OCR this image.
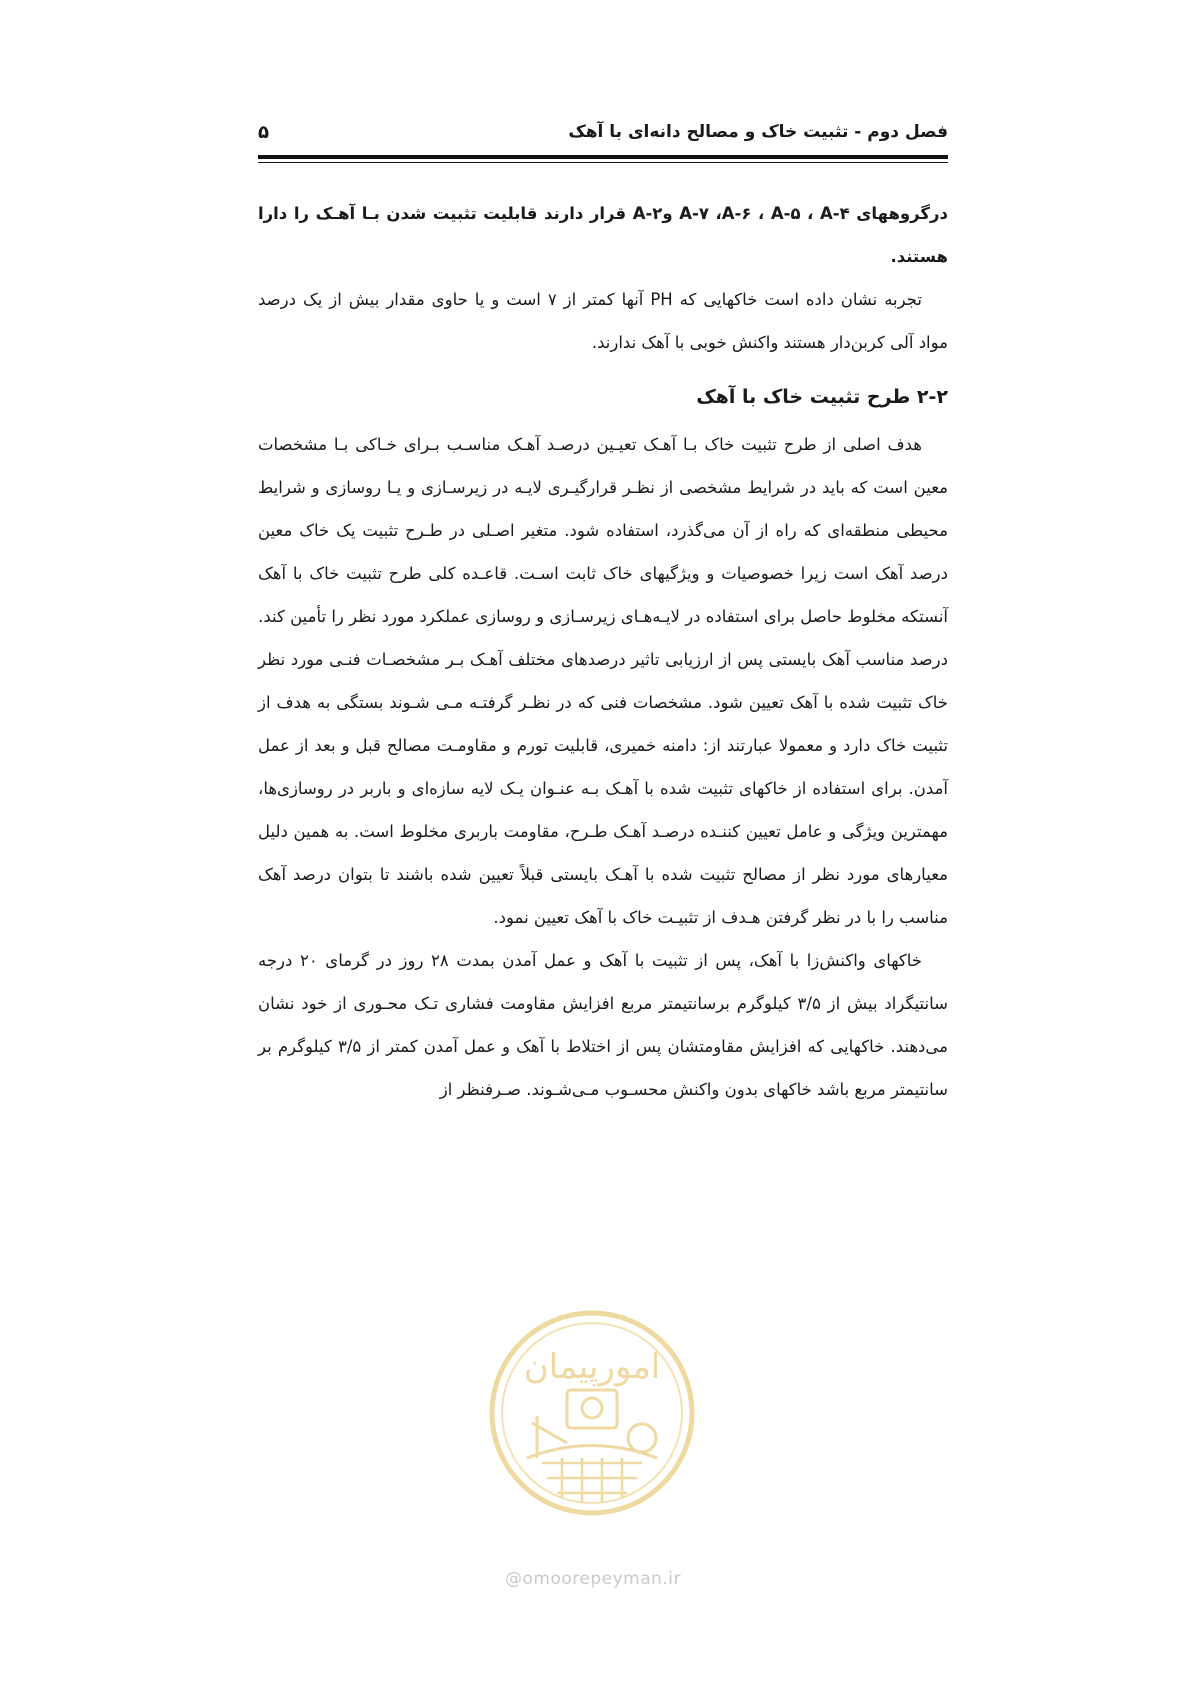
فصل دوم - تثبیت خاک و مصالح دانه‌ای با آهک
۵

درگروههای A-۷ ،A-۶ ، A-۵ ، A-۴ وA-۲ قرار دارند قابلیت تثبیت شدن بـا آهـک را دارا هستند.

تجربه نشان داده است خاکهایی که PH آنها کمتر از ۷ است و یا حاوی مقدار بیش از یک درصد مواد آلی کربن‌دار هستند واکنش خوبی با آهک ندارند.

۲-۲ طرح تثبیت خاک با آهک

هدف اصلی از طرح تثبیت خاک بـا آهـک تعیـین درصـد آهـک مناسـب بـرای خـاکی بـا مشخصات معین است که باید در شرایط مشخصی از نظـر قرارگیـری لایـه در زیرسـازی و یـا روسازی و شرایط محیطی منطقه‌ای که راه از آن می‌گذرد، استفاده شود. متغیر اصـلی در طـرح تثبیت یک خاک معین درصد آهک است زیرا خصوصیات و ویژگیهای خاک ثابت اسـت. قاعـده کلی طرح تثبیت خاک با آهک آنستکه مخلوط حاصل برای استفاده در لایـه‌هـای زیرسـازی و روسازی عملکرد مورد نظر را تأمین کند.

درصد مناسب آهک بایستی پس از ارزیابی تاثیر درصدهای مختلف آهـک بـر مشخصـات فنـی مورد نظر خاک تثبیت شده با آهک تعیین شود. مشخصات فنی که در نظـر گرفتـه مـی شـوند بستگی به هدف از تثبیت خاک دارد و معمولا عبارتند از: دامنه خمیری، قابلیت تورم و مقاومـت مصالح قبل و بعد از عمل آمدن. برای استفاده از خاکهای تثبیت شده با آهـک بـه عنـوان یـک لایه سازه‌ای و باربر در روسازی‌ها، مهمترین ویژگی و عامل تعیین کننـده درصـد آهـک طـرح، مقاومت باربری مخلوط است. به همین دلیل معیارهای مورد نظر از مصالح تثبیت شده با آهـک بایستی قبلاً تعیین شده باشند تا بتوان درصد آهک مناسب را با در نظر گرفتن هـدف از تثبیـت خاک با آهک تعیین نمود.

خاکهای واکنش‌زا با آهک، پس از تثبیت با آهک و عمل آمدن بمدت ۲۸ روز در گرمای ۲۰ درجه سانتیگراد بیش از ۳/۵ کیلوگرم برسانتیمتر مربع افزایش مقاومت فشاری تـک محـوری از خود نشان می‌دهند. خاکهایی که افزایش مقاومتشان پس از اختلاط با آهک و عمل آمدن کمتر از ۳/۵ کیلوگرم بر سانتیمتر مربع باشد خاکهای بدون واکنش محسـوب مـی‌شـوند. صـرفنظر از

امورپیمان
@omoorepeyman.ir
